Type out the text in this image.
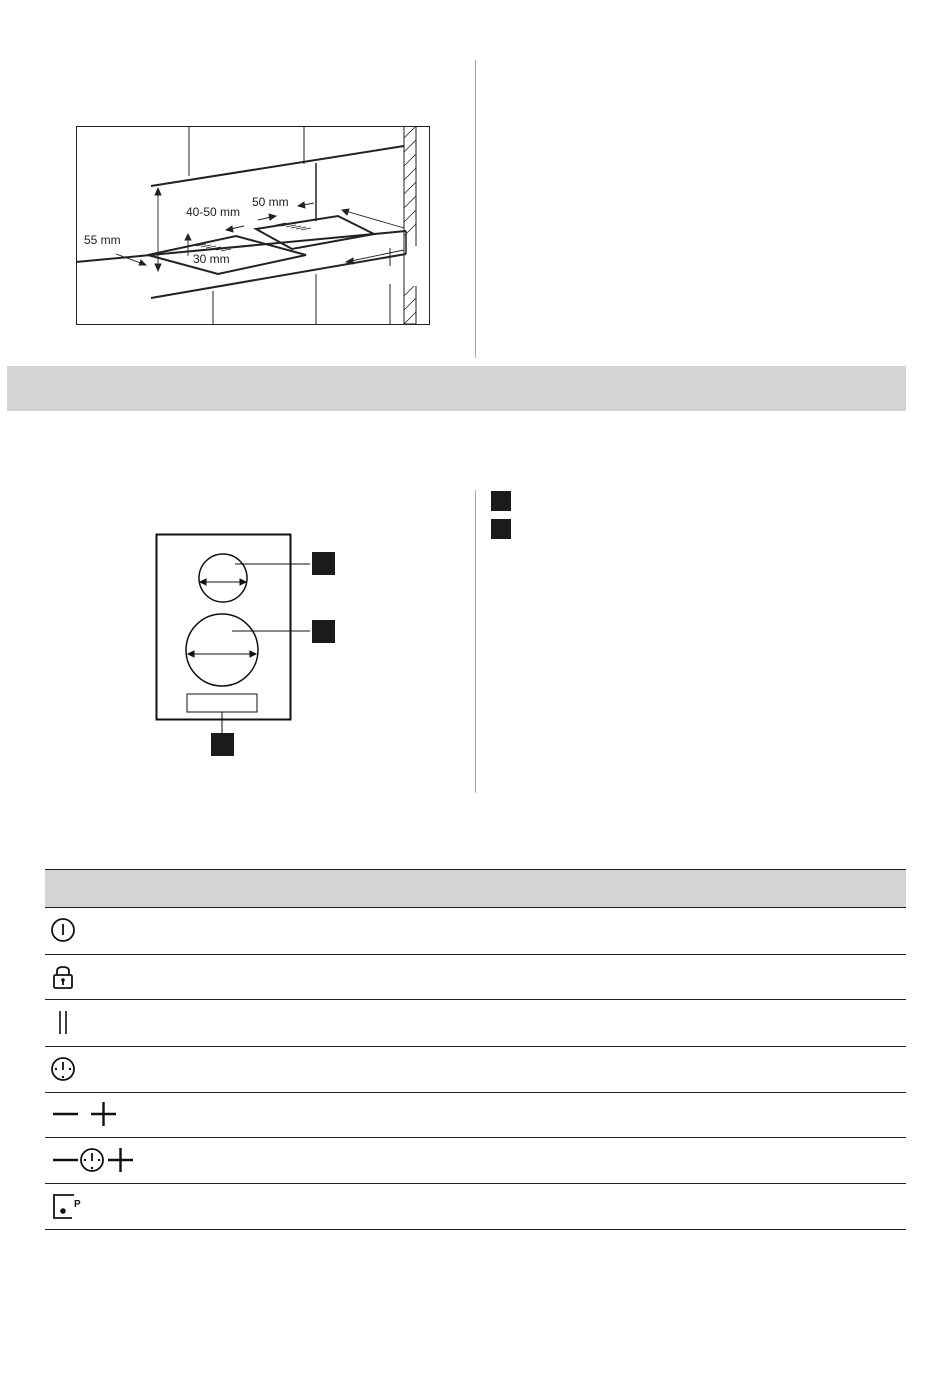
55 mm
40-50 mm
50 mm
30 mm
P
